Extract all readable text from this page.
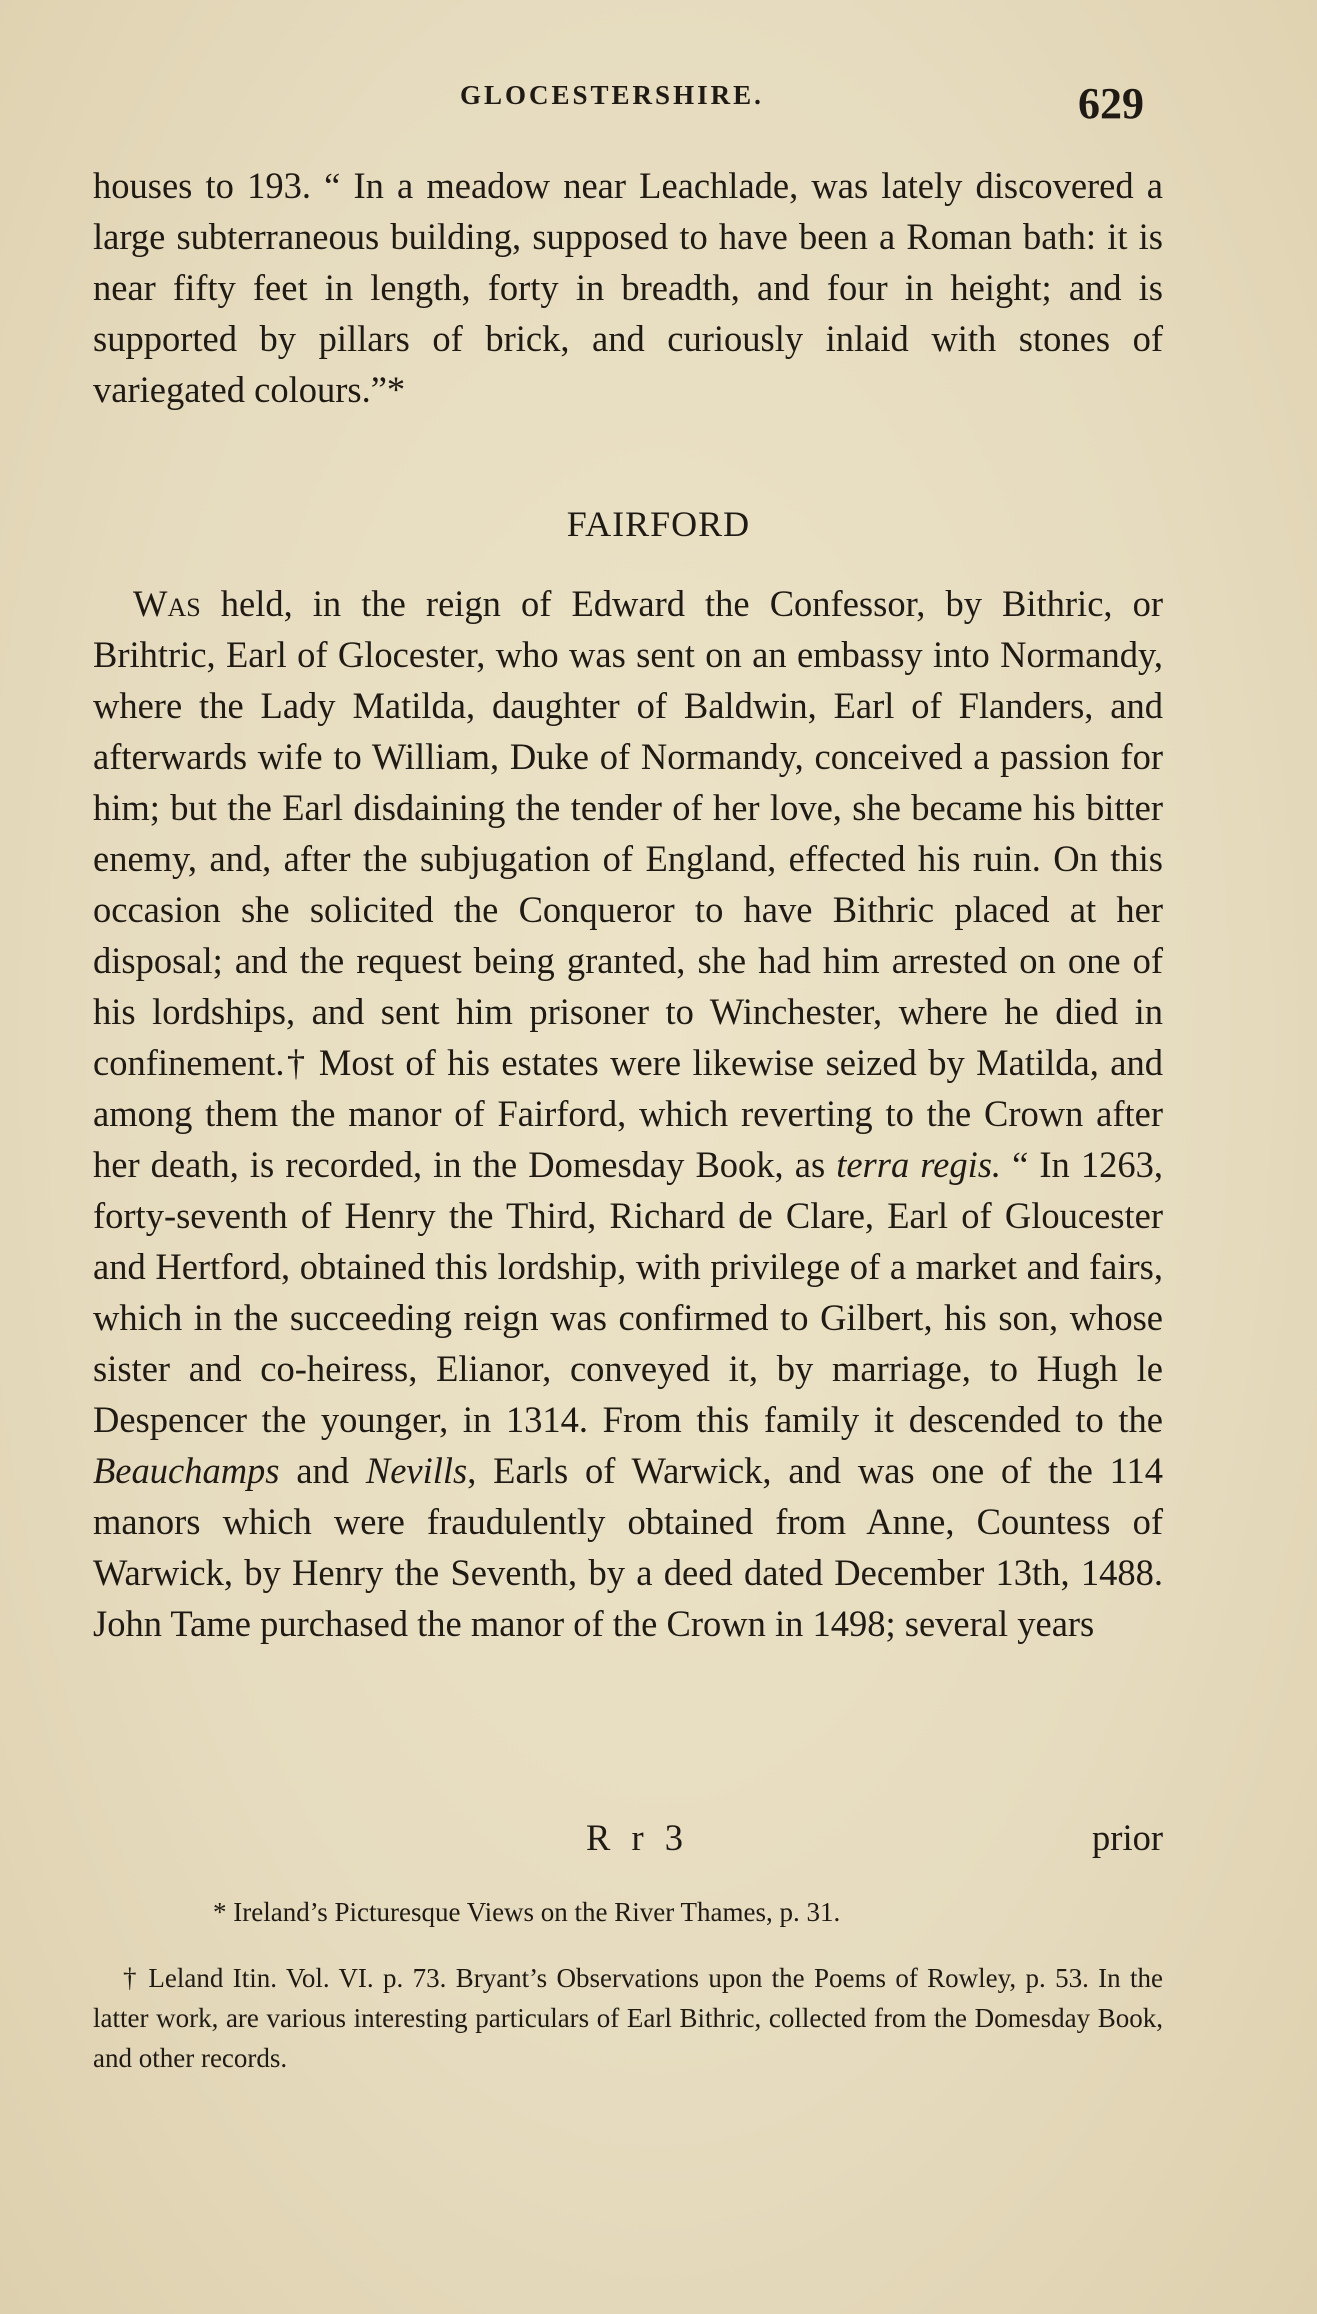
GLOCESTERSHIRE.	629

houses to 193. “ In a meadow near Leachlade, was lately discovered a large subterraneous building, supposed to have been a Roman bath: it is near fifty feet in length, forty in breadth, and four in height; and is supported by pillars of brick, and curiously inlaid with stones of variegated colours.”*

FAIRFORD

Was held, in the reign of Edward the Confessor, by Bithric, or Brihtric, Earl of Glocester, who was sent on an embassy into Normandy, where the Lady Matilda, daughter of Baldwin, Earl of Flanders, and afterwards wife to William, Duke of Normandy, conceived a passion for him; but the Earl disdaining the tender of her love, she became his bitter enemy, and, after the subjugation of England, effected his ruin. On this occasion she solicited the Conqueror to have Bithric placed at her disposal; and the request being granted, she had him arrested on one of his lordships, and sent him prisoner to Winchester, where he died in confinement.† Most of his estates were likewise seized by Matilda, and among them the manor of Fairford, which reverting to the Crown after her death, is recorded, in the Domesday Book, as terra regis. “ In 1263, forty-seventh of Henry the Third, Richard de Clare, Earl of Gloucester and Hertford, obtained this lordship, with privilege of a market and fairs, which in the succeeding reign was confirmed to Gilbert, his son, whose sister and co-heiress, Elianor, conveyed it, by marriage, to Hugh le Despencer the younger, in 1314. From this family it descended to the Beauchamps and Nevills, Earls of Warwick, and was one of the 114 manors which were fraudulently obtained from Anne, Countess of Warwick, by Henry the Seventh, by a deed dated December 13th, 1488. John Tame purchased the manor of the Crown in 1498; several years

R r 3	prior
* Ireland’s Picturesque Views on the River Thames, p. 31.
† Leland Itin. Vol. VI. p. 73. Bryant’s Observations upon the Poems of Rowley, p. 53. In the latter work, are various interesting particulars of Earl Bithric, collected from the Domesday Book, and other records.
